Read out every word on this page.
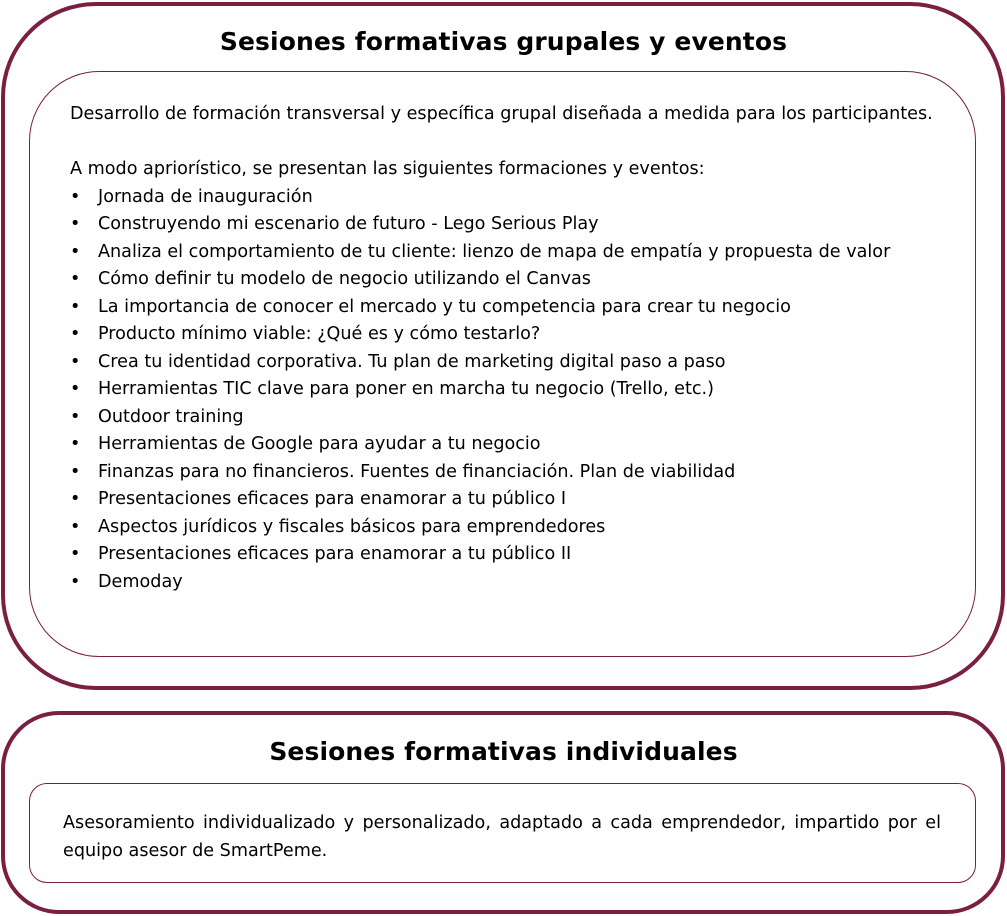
Sesiones formativas grupales y eventos

Desarrollo de formación transversal y específica grupal diseñada a medida para los participantes.

A modo apriorístico, se presentan las siguientes formaciones y eventos:

• Jornada de inauguración
• Construyendo mi escenario de futuro - Lego Serious Play
• Analiza el comportamiento de tu cliente: lienzo de mapa de empatía y propuesta de valor
• Cómo definir tu modelo de negocio utilizando el Canvas
• La importancia de conocer el mercado y tu competencia para crear tu negocio
• Producto mínimo viable: ¿Qué es y cómo testarlo?
• Crea tu identidad corporativa. Tu plan de marketing digital paso a paso
• Herramientas TIC clave para poner en marcha tu negocio (Trello, etc.)
• Outdoor training
• Herramientas de Google para ayudar a tu negocio
• Finanzas para no financieros. Fuentes de financiación. Plan de viabilidad
• Presentaciones eficaces para enamorar a tu público I
• Aspectos jurídicos y fiscales básicos para emprendedores
• Presentaciones eficaces para enamorar a tu público II
• Demoday
Sesiones formativas individuales

Asesoramiento individualizado y personalizado, adaptado a cada emprendedor, impartido por el equipo asesor de SmartPeme.
